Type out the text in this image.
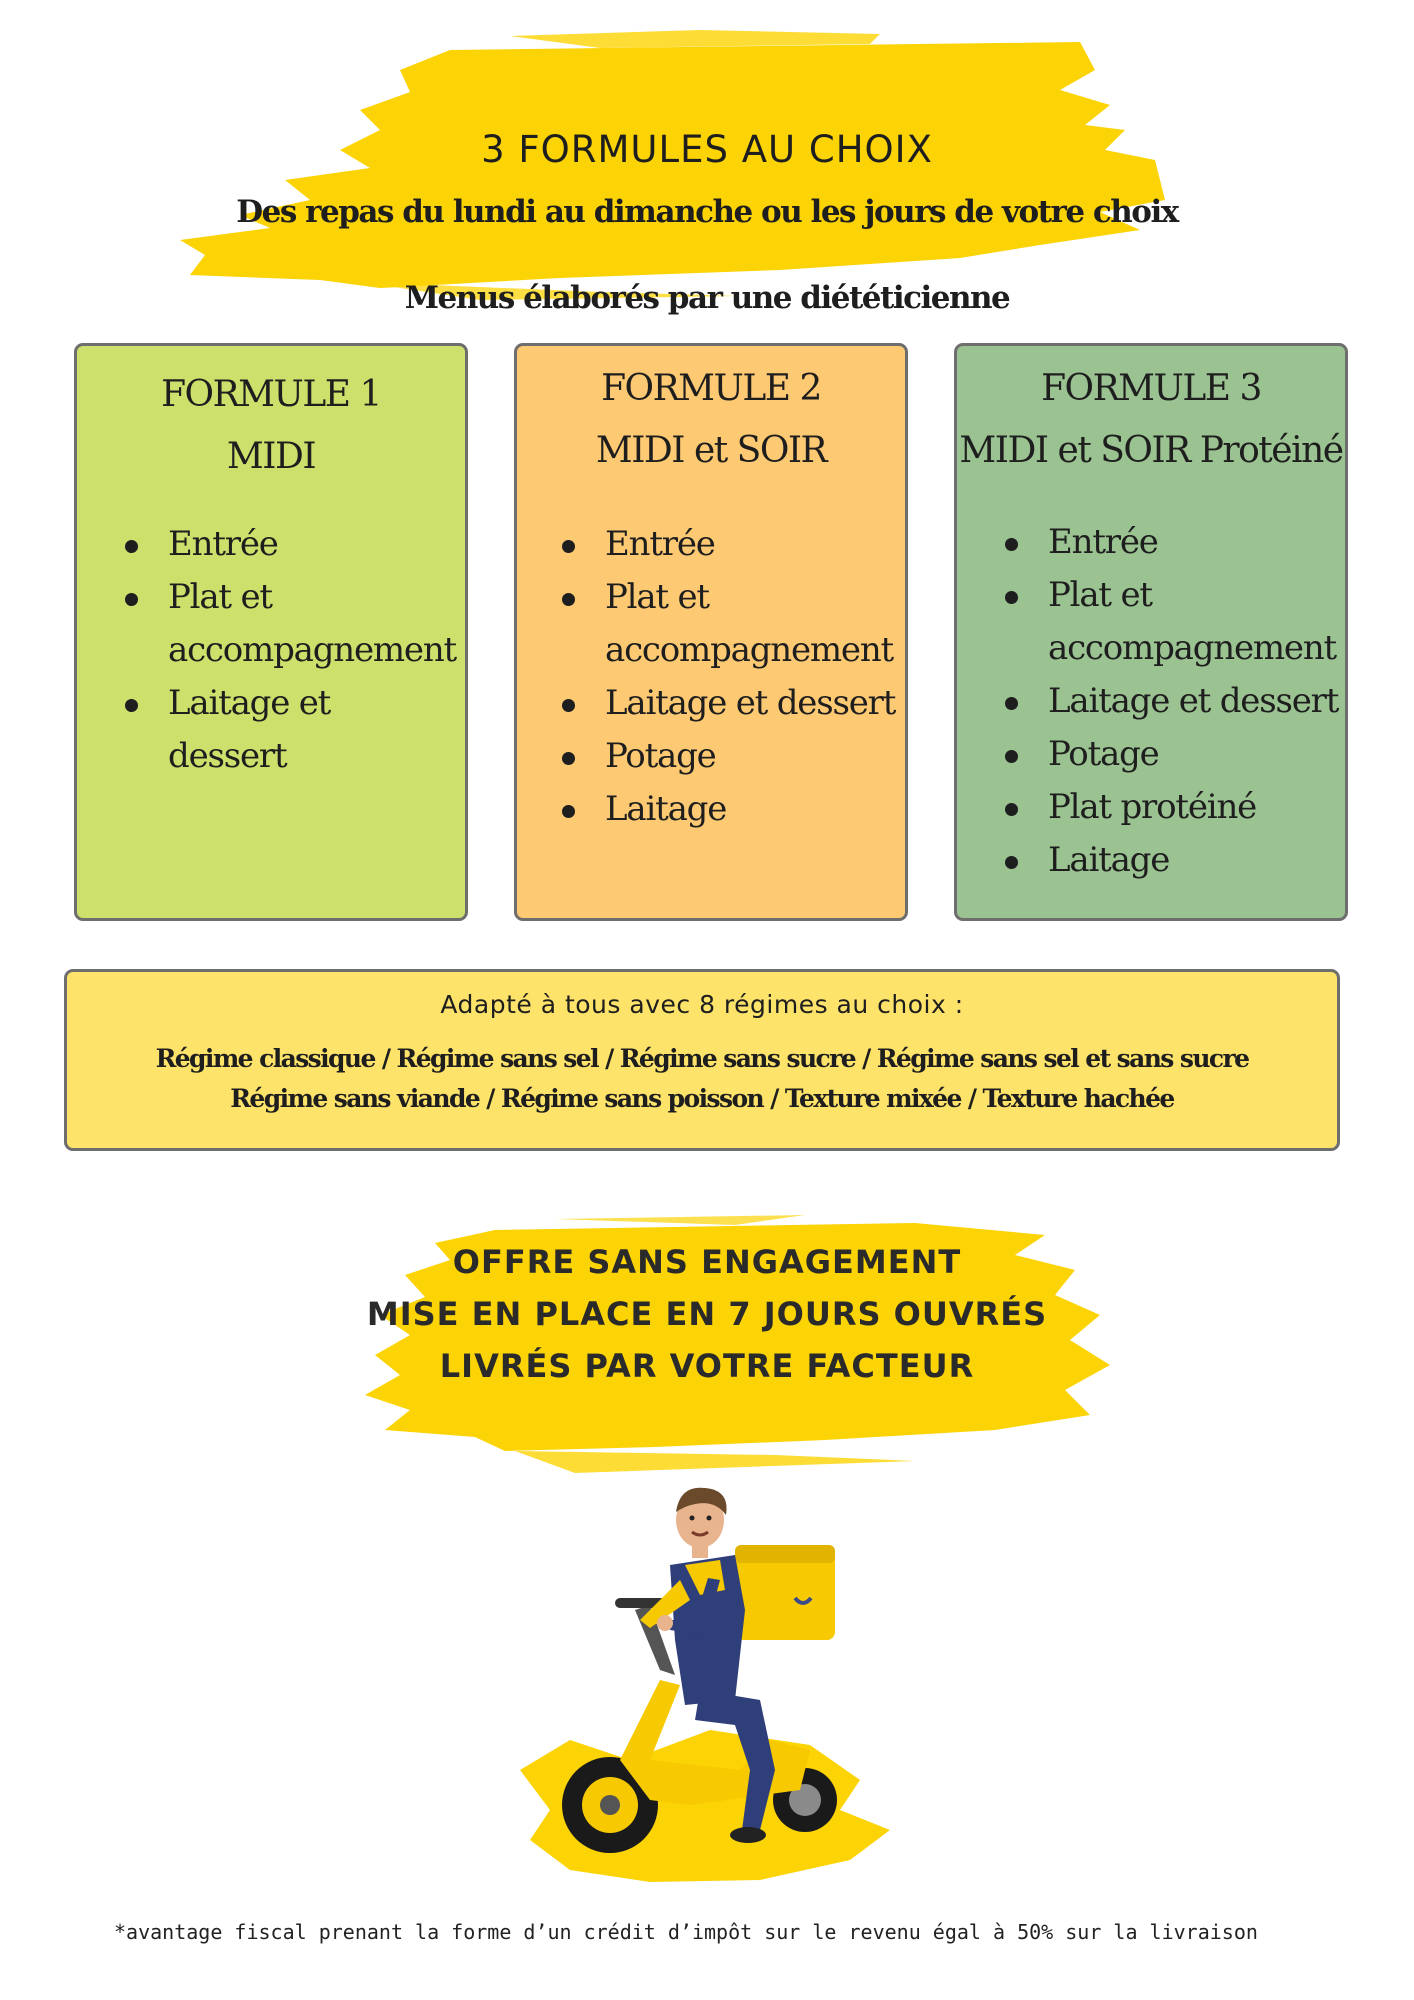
3 FORMULES AU CHOIX
Des repas du lundi au dimanche ou les jours de votre choix
Menus élaborés par une diététicienne
FORMULE 1
MIDI
Entrée
Plat et accompagnement
Laitage et dessert
FORMULE 2
MIDI et SOIR
Entrée
Plat et accompagnement
Laitage et dessert
Potage
Laitage
FORMULE 3
MIDI et SOIR Protéiné
Entrée
Plat et accompagnement
Laitage et dessert
Potage
Plat protéiné
Laitage
Adapté à tous avec 8 régimes au choix :
Régime classique / Régime sans sel / Régime sans sucre / Régime sans sel et sans sucre
Régime sans viande / Régime sans poisson / Texture mixée / Texture hachée
OFFRE SANS ENGAGEMENT
MISE EN PLACE EN 7 JOURS OUVRÉS
LIVRÉS PAR VOTRE FACTEUR
*avantage fiscal prenant la forme d’un crédit d’impôt sur le revenu égal à 50% sur la livraison
